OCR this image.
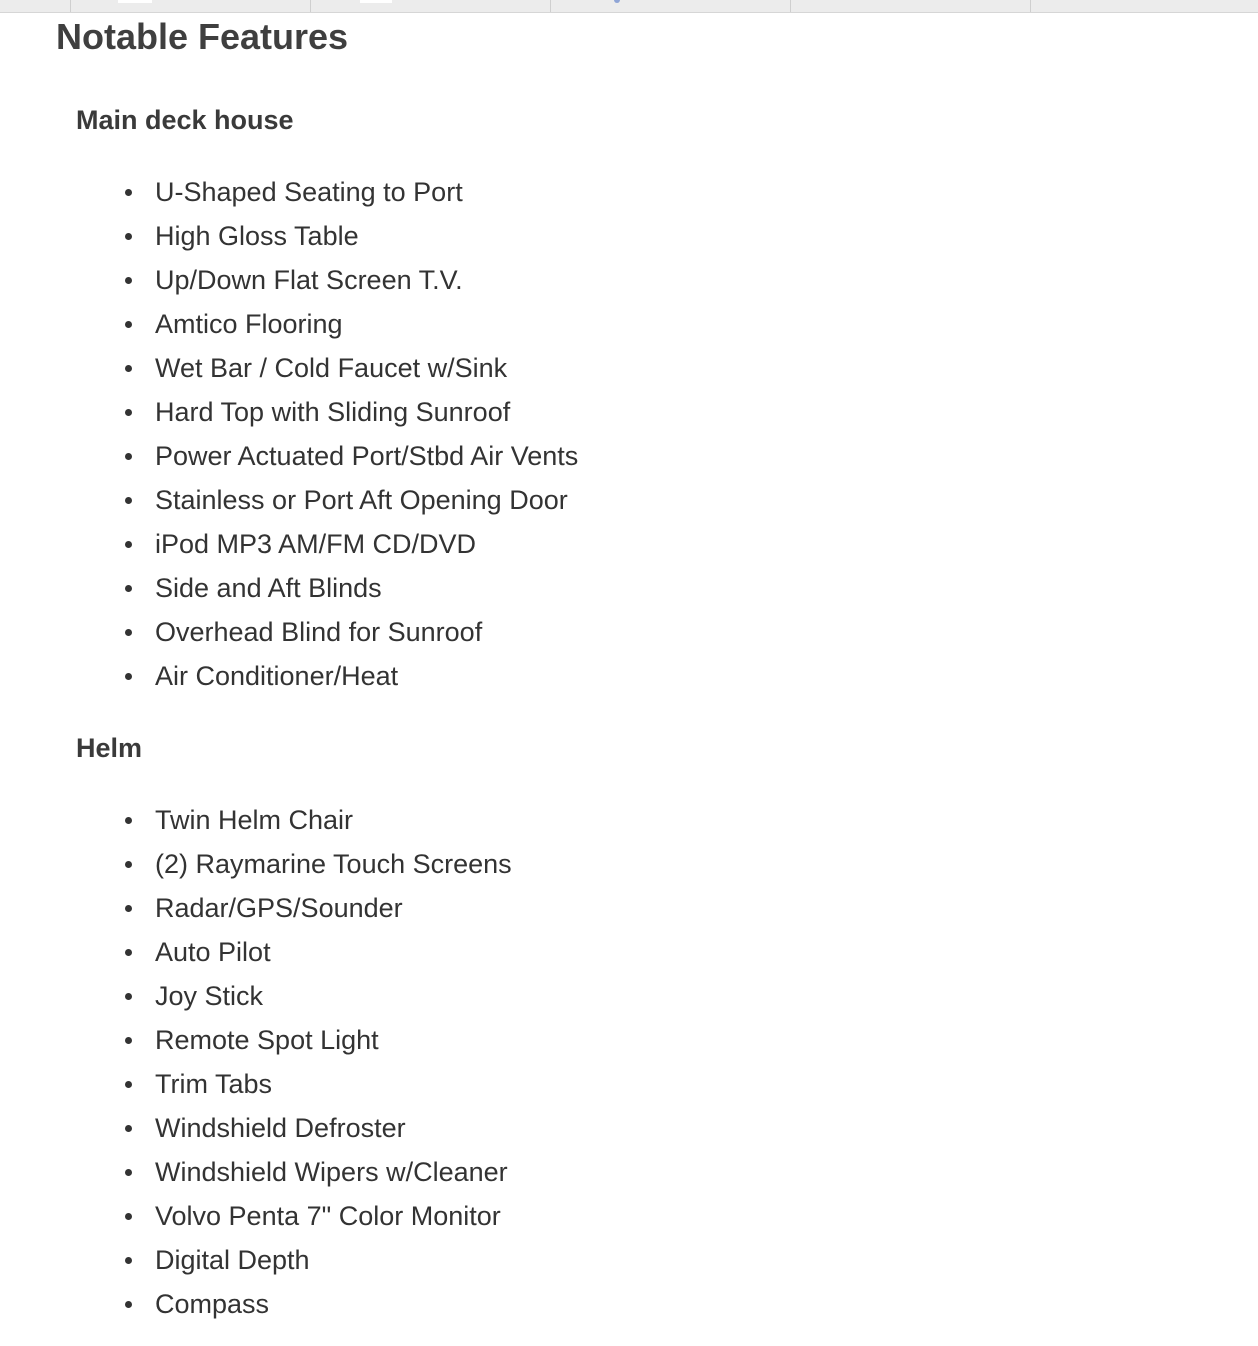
Notable Features
Main deck house
U-Shaped Seating to Port
High Gloss Table
Up/Down Flat Screen T.V.
Amtico Flooring
Wet Bar / Cold Faucet w/Sink
Hard Top with Sliding Sunroof
Power Actuated Port/Stbd Air Vents
Stainless or Port Aft Opening Door
iPod MP3 AM/FM CD/DVD
Side and Aft Blinds
Overhead Blind for Sunroof
Air Conditioner/Heat
Helm
Twin Helm Chair
(2) Raymarine Touch Screens
Radar/GPS/Sounder
Auto Pilot
Joy Stick
Remote Spot Light
Trim Tabs
Windshield Defroster
Windshield Wipers w/Cleaner
Volvo Penta 7" Color Monitor
Digital Depth
Compass
